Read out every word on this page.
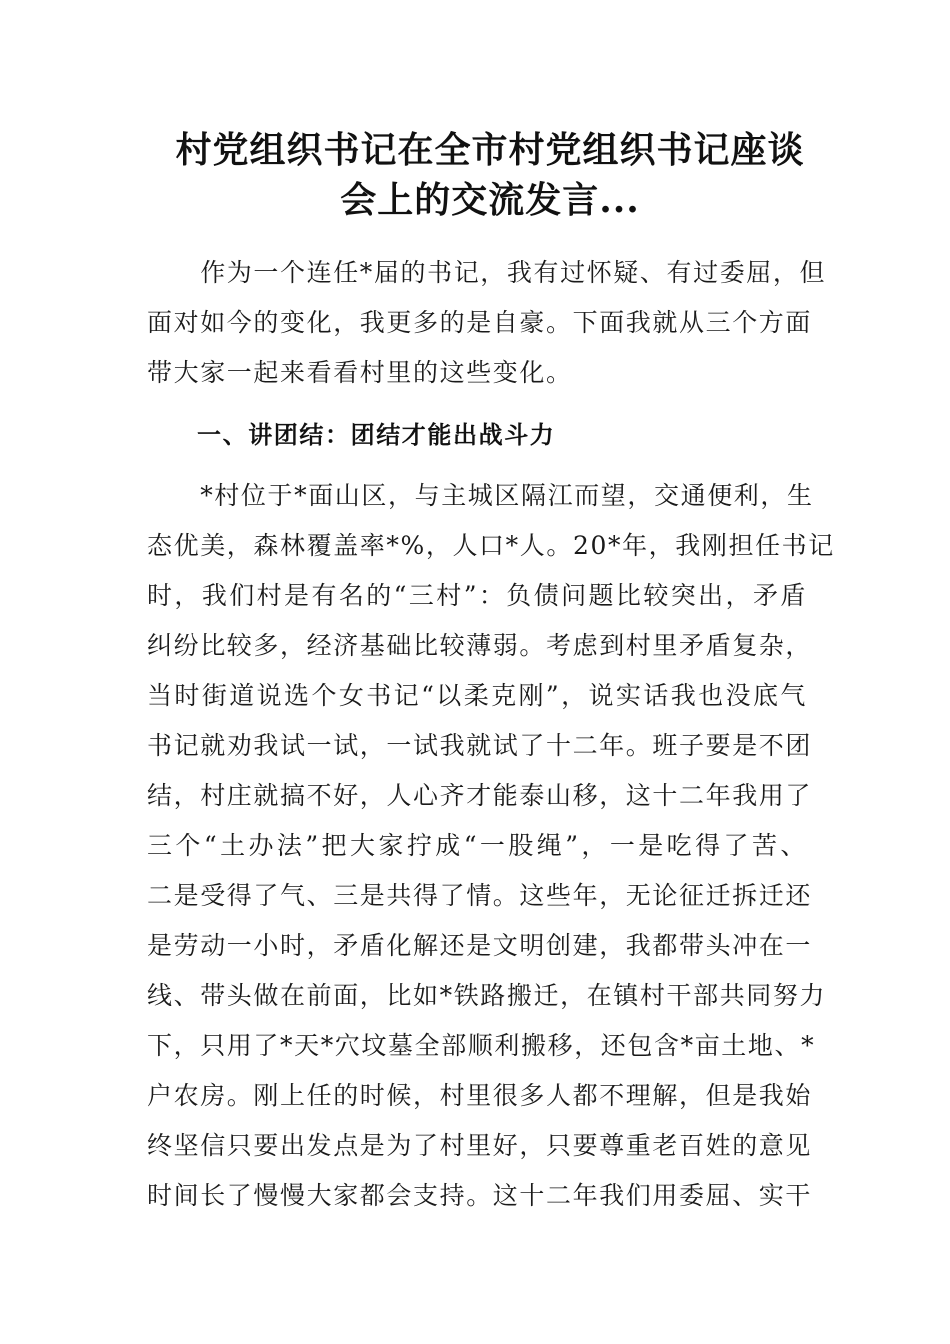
村党组织书记在全市村党组织书记座谈
会上的交流发言...
　　作为一个连任*届的书记，我有过怀疑、有过委屈，但
面对如今的变化，我更多的是自豪。下面我就从三个方面
带大家一起来看看村里的这些变化。
一、讲团结：团结才能出战斗力
　　*村位于*面山区，与主城区隔江而望，交通便利，生
态优美，森林覆盖率*%，人口*人。20*年，我刚担任书记
时，我们村是有名的“三村”：负债问题比较突出，矛盾
纠纷比较多，经济基础比较薄弱。考虑到村里矛盾复杂，
当时街道说选个女书记“以柔克刚”，说实话我也没底气
书记就劝我试一试，一试我就试了十二年。班子要是不团
结，村庄就搞不好，人心齐才能泰山移，这十二年我用了
三个“土办法”把大家拧成“一股绳”，一是吃得了苦、
二是受得了气、三是共得了情。这些年，无论征迁拆迁还
是劳动一小时，矛盾化解还是文明创建，我都带头冲在一
线、带头做在前面，比如*铁路搬迁，在镇村干部共同努力
下，只用了*天*穴坟墓全部顺利搬移，还包含*亩土地、*
户农房。刚上任的时候，村里很多人都不理解，但是我始
终坚信只要出发点是为了村里好，只要尊重老百姓的意见
时间长了慢慢大家都会支持。这十二年我们用委屈、实干
